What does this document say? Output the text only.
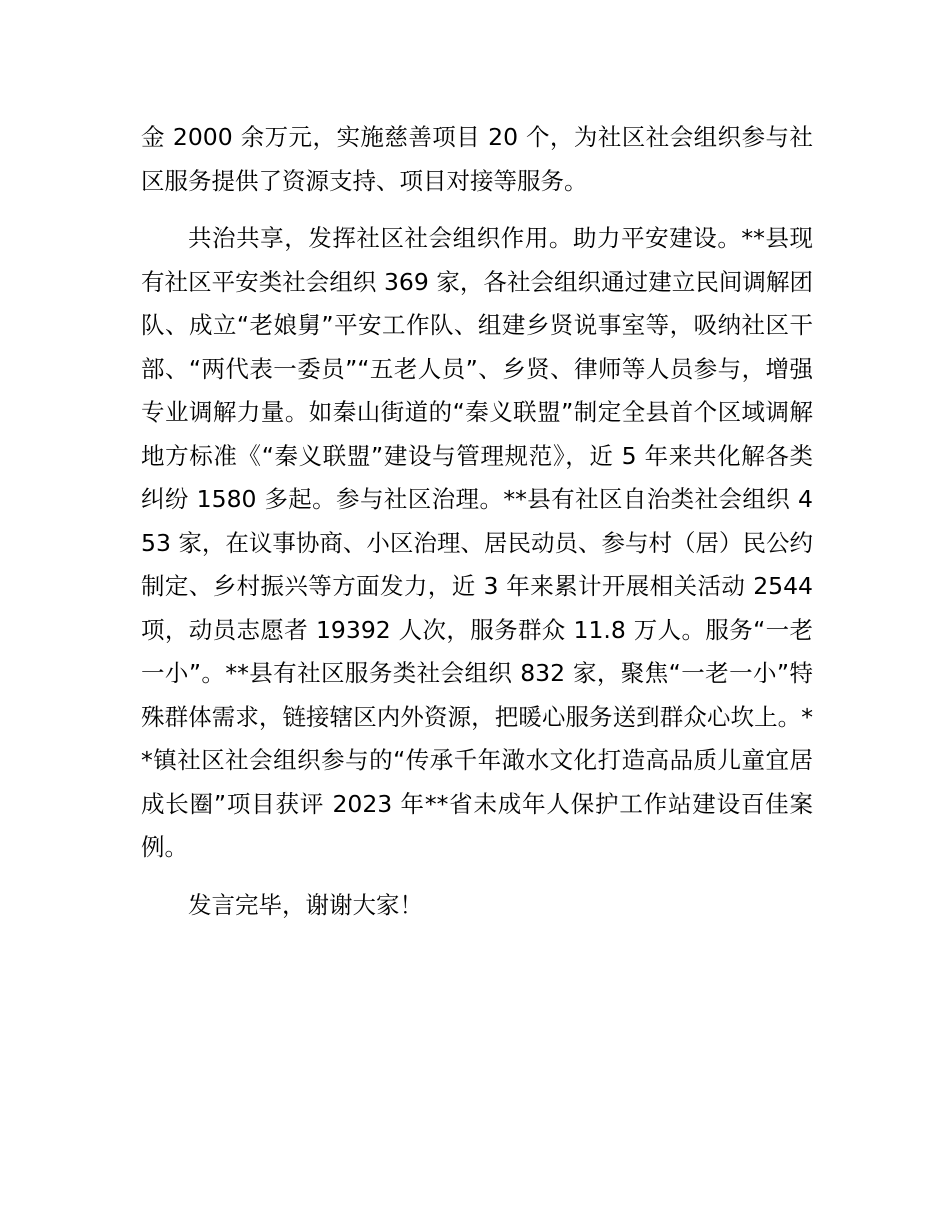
金 2000 余万元，实施慈善项目 20 个，为社区社会组织参与社区服务提供了资源支持、项目对接等服务。

共治共享，发挥社区社会组织作用。助力平安建设。**县现有社区平安类社会组织 369 家，各社会组织通过建立民间调解团队、成立“老娘舅”平安工作队、组建乡贤说事室等，吸纳社区干部、“两代表一委员”“五老人员”、乡贤、律师等人员参与，增强专业调解力量。如秦山街道的“秦义联盟”制定全县首个区域调解地方标准《“秦义联盟”建设与管理规范》，近 5 年来共化解各类纠纷 1580 多起。参与社区治理。**县有社区自治类社会组织 453 家，在议事协商、小区治理、居民动员、参与村（居）民公约制定、乡村振兴等方面发力，近 3 年来累计开展相关活动 2544 项，动员志愿者 19392 人次，服务群众 11.8 万人。服务“一老一小”。**县有社区服务类社会组织 832 家，聚焦“一老一小”特殊群体需求，链接辖区内外资源，把暖心服务送到群众心坎上。**镇社区社会组织参与的“传承千年澉水文化打造高品质儿童宜居成长圈”项目获评 2023 年**省未成年人保护工作站建设百佳案例。

发言完毕，谢谢大家！
